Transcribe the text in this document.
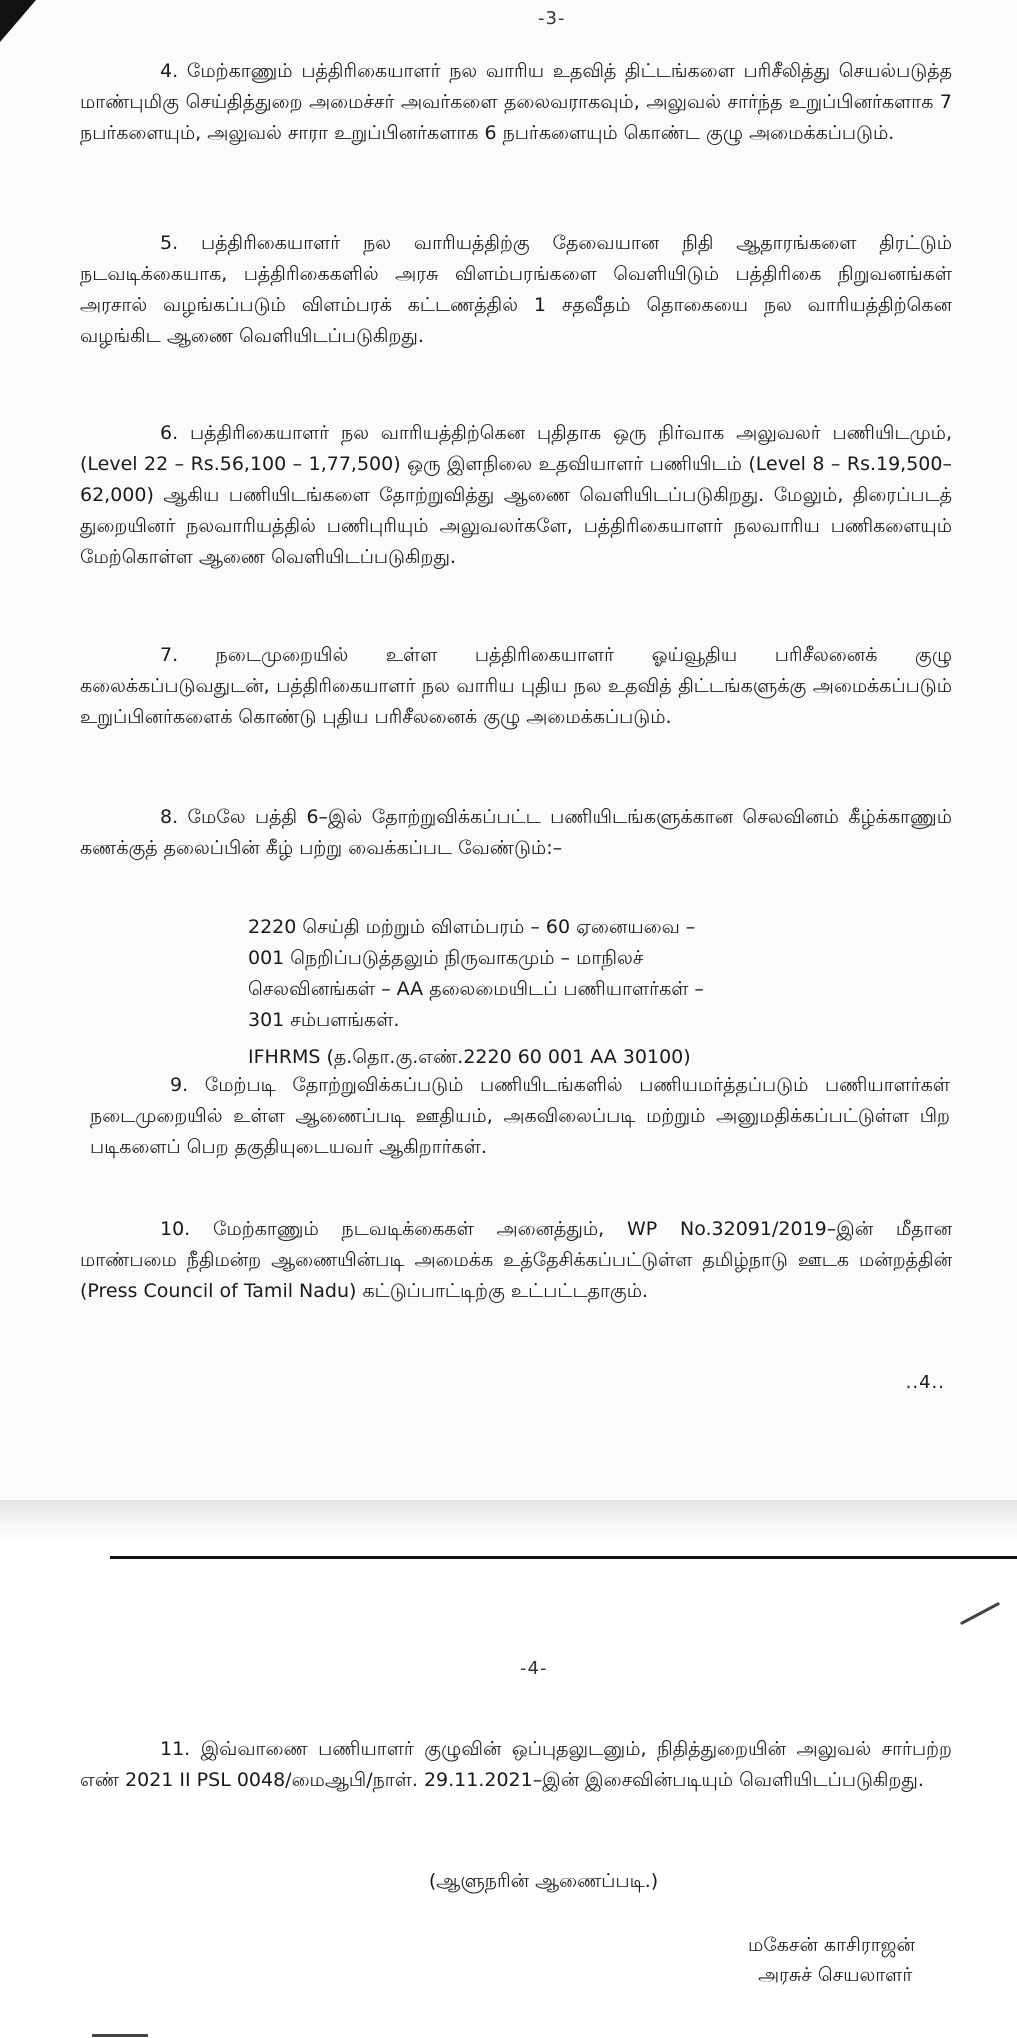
-3-

4. மேற்காணும் பத்திரிகையாளர் நல வாரிய உதவித் திட்டங்களை பரிசீலித்து செயல்படுத்த மாண்புமிகு செய்தித்துறை அமைச்சர் அவர்களை தலைவராகவும், அலுவல் சார்ந்த உறுப்பினர்களாக 7 நபர்களையும், அலுவல் சாரா உறுப்பினர்களாக 6 நபர்களையும் கொண்ட குழு அமைக்கப்படும்.

5. பத்திரிகையாளர் நல வாரியத்திற்கு தேவையான நிதி ஆதாரங்களை திரட்டும் நடவடிக்கையாக, பத்திரிகைகளில் அரசு விளம்பரங்களை வெளியிடும் பத்திரிகை நிறுவனங்கள் அரசால் வழங்கப்படும் விளம்பரக் கட்டணத்தில் 1 சதவீதம் தொகையை நல வாரியத்திற்கென வழங்கிட ஆணை வெளியிடப்படுகிறது.

6. பத்திரிகையாளர் நல வாரியத்திற்கென புதிதாக ஒரு நிர்வாக அலுவலர் பணியிடமும், (Level 22 – Rs.56,100 – 1,77,500) ஒரு இளநிலை உதவியாளர் பணியிடம் (Level 8 – Rs.19,500–62,000) ஆகிய பணியிடங்களை தோற்றுவித்து ஆணை வெளியிடப்படுகிறது. மேலும், திரைப்படத் துறையினர் நலவாரியத்தில் பணிபுரியும் அலுவலர்களே, பத்திரிகையாளர் நலவாரிய பணிகளையும் மேற்கொள்ள ஆணை வெளியிடப்படுகிறது.

7. நடைமுறையில் உள்ள பத்திரிகையாளர் ஓய்வூதிய பரிசீலனைக் குழு கலைக்கப்படுவதுடன், பத்திரிகையாளர் நல வாரிய புதிய நல உதவித் திட்டங்களுக்கு அமைக்கப்படும் உறுப்பினர்களைக் கொண்டு புதிய பரிசீலனைக் குழு அமைக்கப்படும்.

8. மேலே பத்தி 6–இல் தோற்றுவிக்கப்பட்ட பணியிடங்களுக்கான செலவினம் கீழ்க்காணும் கணக்குத் தலைப்பின் கீழ் பற்று வைக்கப்பட வேண்டும்:–

2220 செய்தி மற்றும் விளம்பரம் – 60 ஏனையவை –
001 நெறிப்படுத்தலும் நிருவாகமும் – மாநிலச்
செலவினங்கள் – AA தலைமையிடப் பணியாளர்கள் –
301 சம்பளங்கள்.
IFHRMS (த.தொ.கு.எண்.2220 60 001 AA 30100)

9. மேற்படி தோற்றுவிக்கப்படும் பணியிடங்களில் பணியமர்த்தப்படும் பணியாளர்கள் நடைமுறையில் உள்ள ஆணைப்படி ஊதியம், அகவிலைப்படி மற்றும் அனுமதிக்கப்பட்டுள்ள பிற படிகளைப் பெற தகுதியுடையவர் ஆகிறார்கள்.

10. மேற்காணும் நடவடிக்கைகள் அனைத்தும், WP No.32091/2019–இன் மீதான மாண்பமை நீதிமன்ற ஆணையின்படி அமைக்க உத்தேசிக்கப்பட்டுள்ள தமிழ்நாடு ஊடக மன்றத்தின் (Press Council of Tamil Nadu) கட்டுப்பாட்டிற்கு உட்பட்டதாகும்.

..4..
-4-

11. இவ்வாணை பணியாளர் குழுவின் ஒப்புதலுடனும், நிதித்துறையின் அலுவல் சார்பற்ற எண் 2021 II PSL 0048/மைஆபி/நாள். 29.11.2021–இன் இசைவின்படியும் வெளியிடப்படுகிறது.

(ஆளுநரின் ஆணைப்படி.)
மகேசன் காசிராஜன்
அரசுச் செயலாளர்
